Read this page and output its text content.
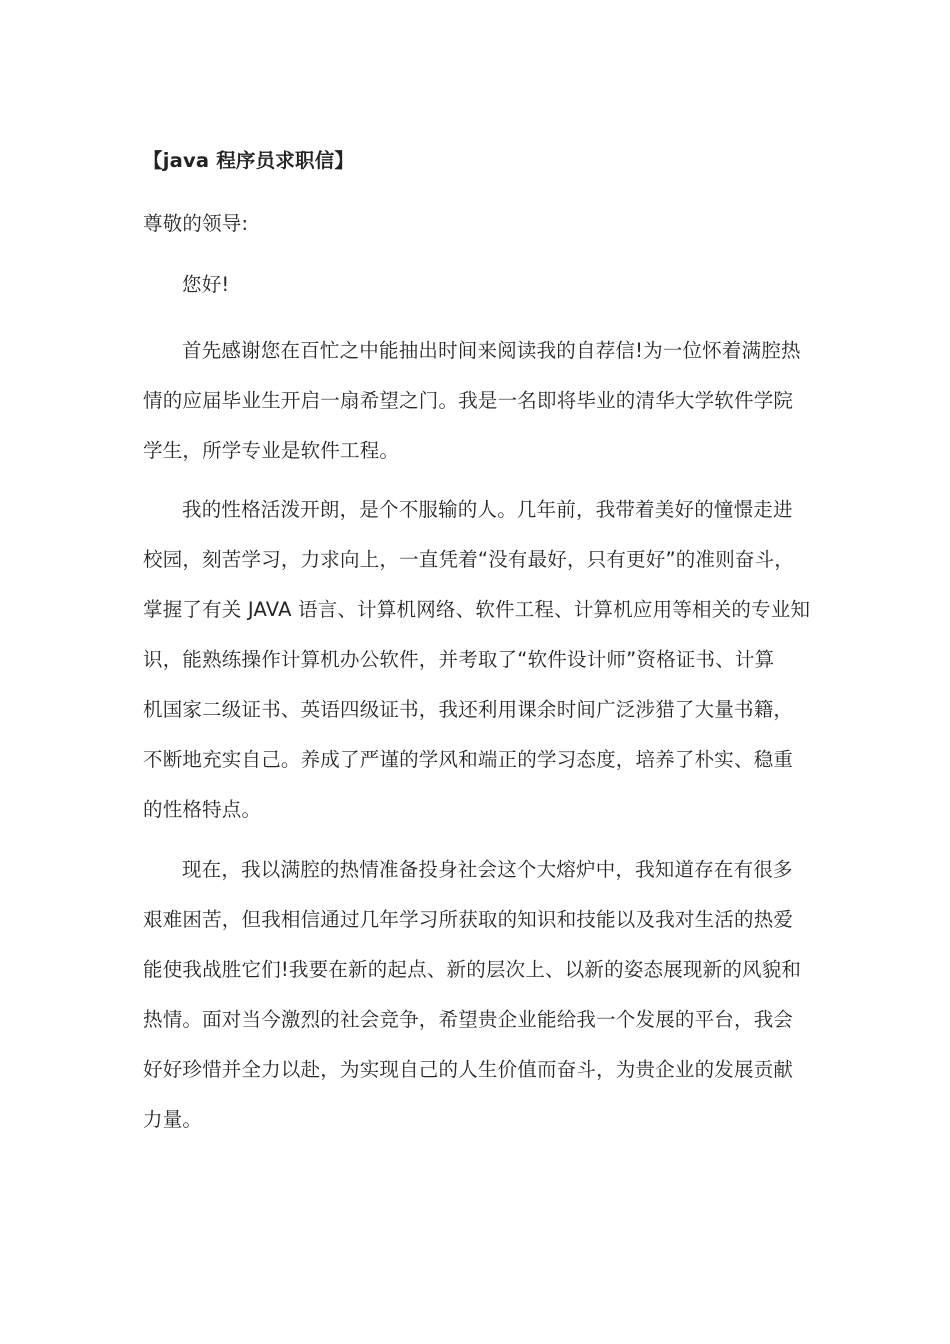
【java 程序员求职信】
尊敬的领导:
您好!
首先感谢您在百忙之中能抽出时间来阅读我的自荐信!为一位怀着满腔热
情的应届毕业生开启一扇希望之门。我是一名即将毕业的清华大学软件学院
学生，所学专业是软件工程。
我的性格活泼开朗，是个不服输的人。几年前，我带着美好的憧憬走进
校园，刻苦学习，力求向上，一直凭着“没有最好，只有更好”的准则奋斗，
掌握了有关 JAVA 语言、计算机网络、软件工程、计算机应用等相关的专业知
识，能熟练操作计算机办公软件，并考取了“软件设计师”资格证书、计算
机国家二级证书、英语四级证书，我还利用课余时间广泛涉猎了大量书籍，
不断地充实自己。养成了严谨的学风和端正的学习态度，培养了朴实、稳重
的性格特点。
现在，我以满腔的热情准备投身社会这个大熔炉中，我知道存在有很多
艰难困苦，但我相信通过几年学习所获取的知识和技能以及我对生活的热爱
能使我战胜它们!我要在新的起点、新的层次上、以新的姿态展现新的风貌和
热情。面对当今激烈的社会竞争，希望贵企业能给我一个发展的平台，我会
好好珍惜并全力以赴，为实现自己的人生价值而奋斗，为贵企业的发展贡献
力量。
